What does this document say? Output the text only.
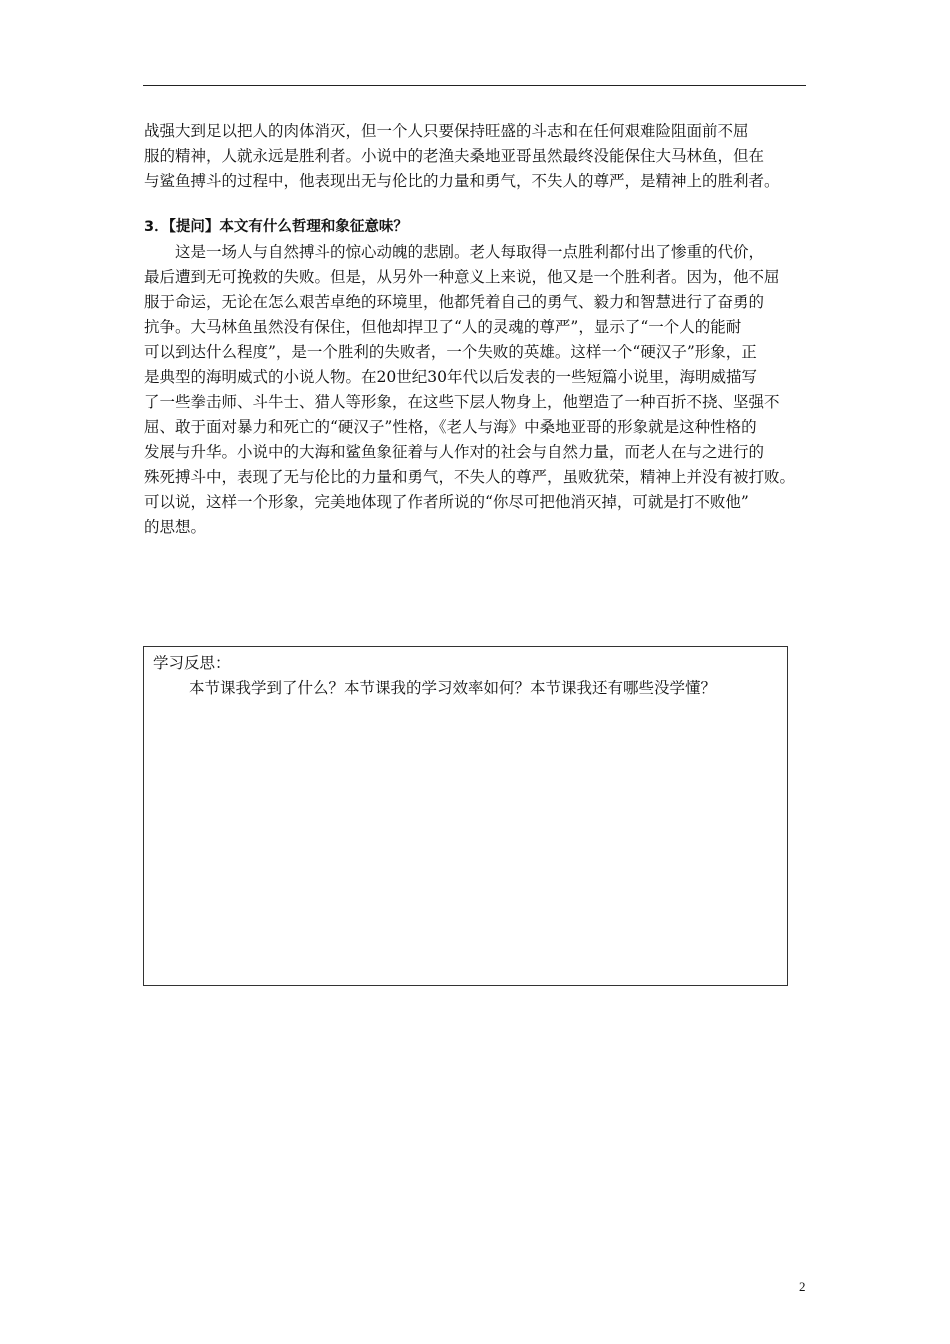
战强大到足以把人的肉体消灭，但一个人只要保持旺盛的斗志和在任何艰难险阻面前不屈
服的精神，人就永远是胜利者。小说中的老渔夫桑地亚哥虽然最终没能保住大马林鱼，但在
与鲨鱼搏斗的过程中，他表现出无与伦比的力量和勇气，不失人的尊严，是精神上的胜利者。
3．【提问】本文有什么哲理和象征意味？
这是一场人与自然搏斗的惊心动魄的悲剧。老人每取得一点胜利都付出了惨重的代价，
最后遭到无可挽救的失败。但是，从另外一种意义上来说，他又是一个胜利者。因为，他不屈
服于命运，无论在怎么艰苦卓绝的环境里，他都凭着自己的勇气、毅力和智慧进行了奋勇的
抗争。大马林鱼虽然没有保住，但他却捍卫了“人的灵魂的尊严”，显示了“一个人的能耐
可以到达什么程度”，是一个胜利的失败者，一个失败的英雄。这样一个“硬汉子”形象，正
是典型的海明威式的小说人物。在20世纪30年代以后发表的一些短篇小说里，海明威描写
了一些拳击师、斗牛士、猎人等形象，在这些下层人物身上，他塑造了一种百折不挠、坚强不
屈、敢于面对暴力和死亡的“硬汉子”性格，《老人与海》中桑地亚哥的形象就是这种性格的
发展与升华。小说中的大海和鲨鱼象征着与人作对的社会与自然力量，而老人在与之进行的
殊死搏斗中，表现了无与伦比的力量和勇气，不失人的尊严，虽败犹荣，精神上并没有被打败。
可以说，这样一个形象，完美地体现了作者所说的“你尽可把他消灭掉，可就是打不败他”
的思想。
学习反思：
本节课我学到了什么？本节课我的学习效率如何？本节课我还有哪些没学懂？
2
